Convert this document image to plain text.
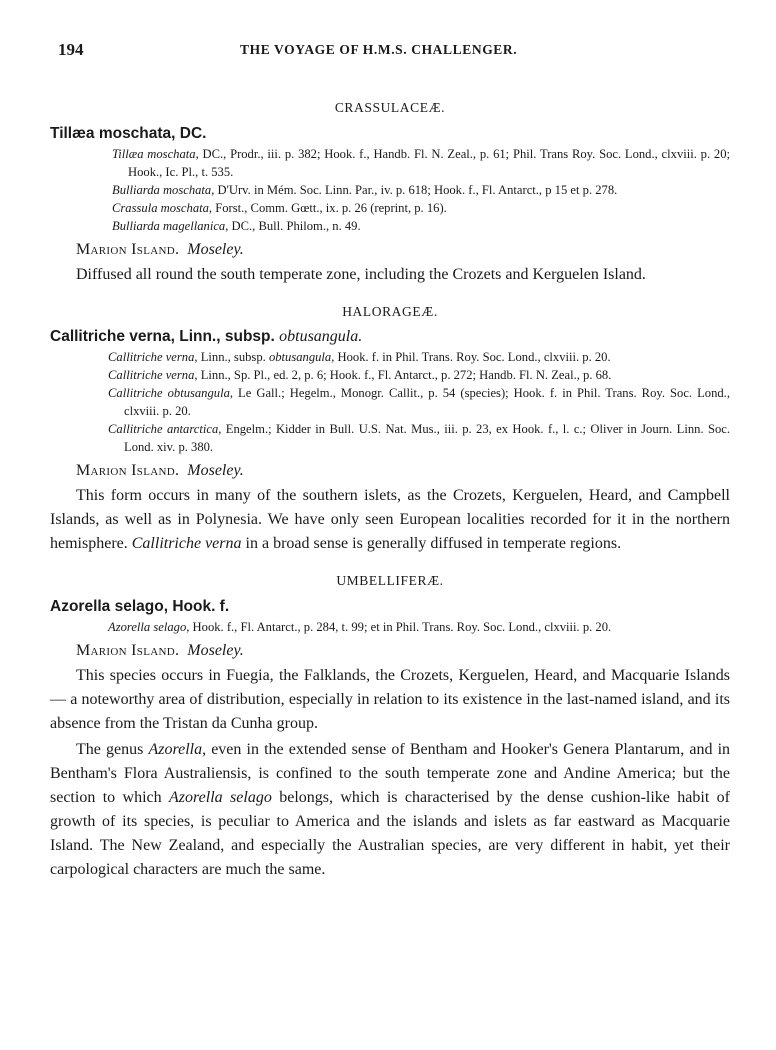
194	THE VOYAGE OF H.M.S. CHALLENGER.

CRASSULACEÆ.

Tillæa moschata, DC.

Tillæa moschata, DC., Prodr., iii. p. 382; Hook. f., Handb. Fl. N. Zeal., p. 61; Phil. Trans Roy. Soc. Lond., clxviii. p. 20; Hook., Ic. Pl., t. 535.

Bulliarda moschata, D'Urv. in Mém. Soc. Linn. Par., iv. p. 618; Hook. f., Fl. Antarct., p 15 et p. 278.

Crassula moschata, Forst., Comm. Gœtt., ix. p. 26 (reprint, p. 16).

Bulliarda magellanica, DC., Bull. Philom., n. 49.

Marion Island. Moseley.

Diffused all round the south temperate zone, including the Crozets and Kerguelen Island.

HALORAGEÆ.

Callitriche verna, Linn., subsp. obtusangula.

Callitriche verna, Linn., subsp. obtusangula, Hook. f. in Phil. Trans. Roy. Soc. Lond., clxviii. p. 20.

Callitriche verna, Linn., Sp. Pl., ed. 2, p. 6; Hook. f., Fl. Antarct., p. 272; Handb. Fl. N. Zeal., p. 68.

Callitriche obtusangula, Le Gall.; Hegelm., Monogr. Callit., p. 54 (species); Hook. f. in Phil. Trans. Roy. Soc. Lond., clxviii. p. 20.

Callitriche antarctica, Engelm.; Kidder in Bull. U.S. Nat. Mus., iii. p. 23, ex Hook. f., l. c.; Oliver in Journ. Linn. Soc. Lond. xiv. p. 380.

Marion Island. Moseley.

This form occurs in many of the southern islets, as the Crozets, Kerguelen, Heard, and Campbell Islands, as well as in Polynesia. We have only seen European localities recorded for it in the northern hemisphere. Callitriche verna in a broad sense is generally diffused in temperate regions.

UMBELLIFERÆ.

Azorella selago, Hook. f.

Azorella selago, Hook. f., Fl. Antarct., p. 284, t. 99; et in Phil. Trans. Roy. Soc. Lond., clxviii. p. 20.

Marion Island. Moseley.

This species occurs in Fuegia, the Falklands, the Crozets, Kerguelen, Heard, and Macquarie Islands — a noteworthy area of distribution, especially in relation to its existence in the last-named island, and its absence from the Tristan da Cunha group.

The genus Azorella, even in the extended sense of Bentham and Hooker's Genera Plantarum, and in Bentham's Flora Australiensis, is confined to the south temperate zone and Andine America; but the section to which Azorella selago belongs, which is characterised by the dense cushion-like habit of growth of its species, is peculiar to America and the islands and islets as far eastward as Macquarie Island. The New Zealand, and especially the Australian species, are very different in habit, yet their carpological characters are much the same.
